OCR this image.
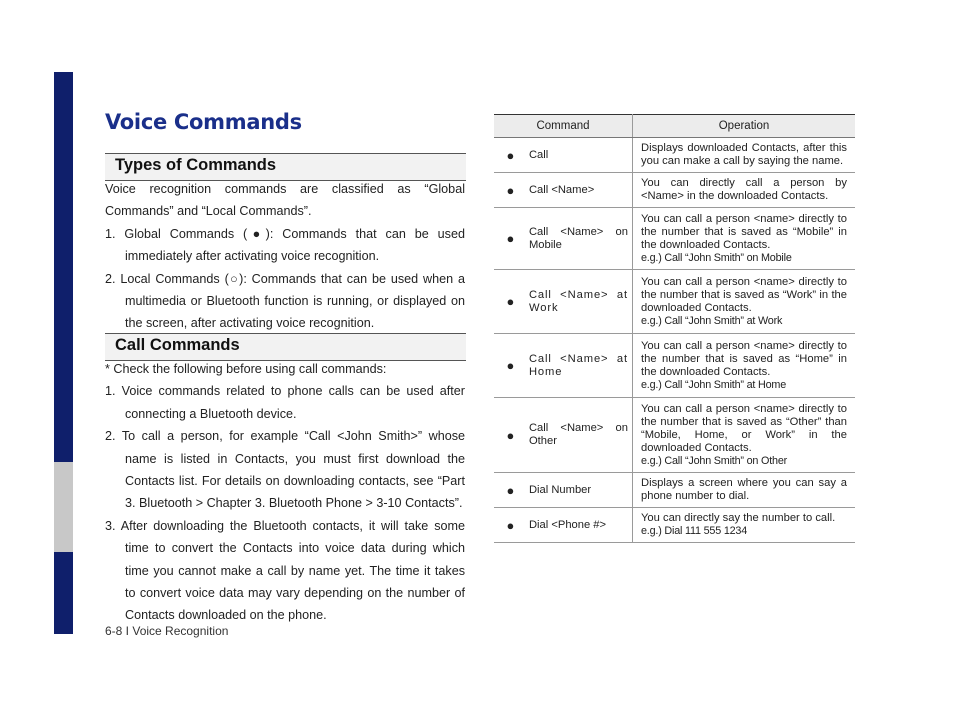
Voice Commands
Types of Commands

Voice recognition commands are classified as “Global Commands” and “Local Commands”.

1. Global Commands (●): Commands that can be used immediately after activating voice recognition.

2. Local Commands (○): Commands that can be used when a multimedia or Bluetooth function is running, or displayed on the screen, after activating voice recognition.

Call Commands

* Check the following before using call commands:

1. Voice commands related to phone calls can be used after connecting a Bluetooth device.

2. To call a person, for example “Call <John Smith>” whose name is listed in Contacts, you must first download the Contacts list. For details on downloading contacts, see “Part 3. Bluetooth > Chapter 3. Bluetooth Phone > 3-10 Contacts”.

3. After downloading the Bluetooth contacts, it will take some time to convert the Contacts into voice data during which time you cannot make a call by name yet. The time it takes to convert voice data may vary depending on the number of Contacts downloaded on the phone.

6-8 I Voice Recognition
Command		Operation
●	Call	Displays downloaded Contacts, after this you can make a call by saying the name.
●	Call <Name>	You can directly call a person by <Name> in the downloaded Contacts.
●	Call <Name> on Mobile	You can call a person <name> directly to the number that is saved as “Mobile” in the downloaded Contacts.
e.g.) Call “John Smith” on Mobile

●	Call <Name> at Work	You can call a person <name> directly to the number that is saved as “Work” in the downloaded Contacts.
e.g.) Call “John Smith” at Work

●	Call <Name> at Home	You can call a person <name> directly to the number that is saved as “Home” in the downloaded Contacts.
e.g.) Call “John Smith” at Home

●	Call <Name> on Other	You can call a person <name> directly to the number that is saved as “Other” than “Mobile, Home, or Work” in the downloaded Contacts.
e.g.) Call “John Smith” on Other

●	Dial Number	Displays a screen where you can say a phone number to dial.
●	Dial <Phone #>	You can directly say the number to call.
e.g.) Dial 111 555 1234
